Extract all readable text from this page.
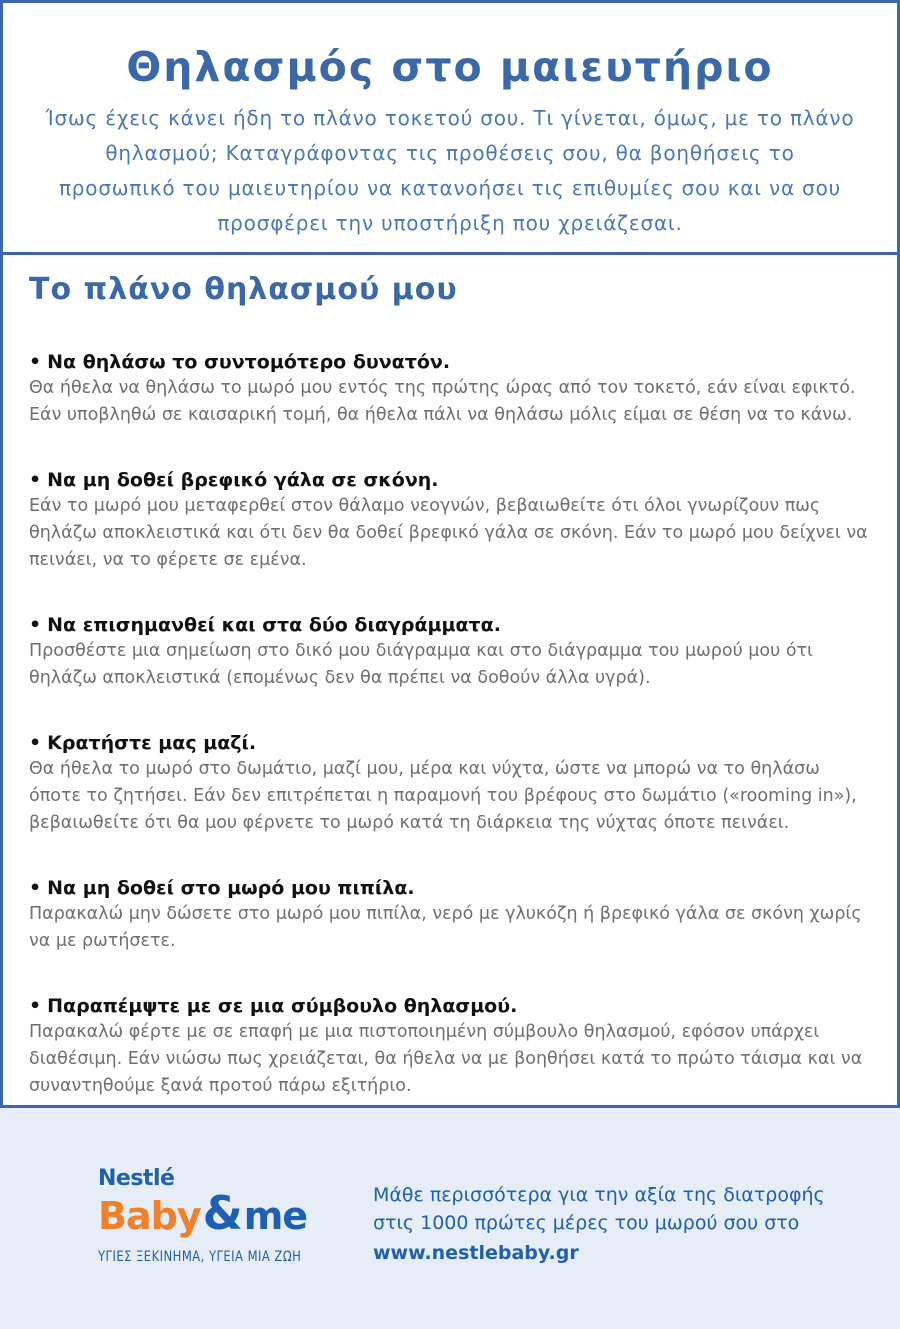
Θηλασμός στο μαιευτήριο

Ίσως έχεις κάνει ήδη το πλάνο τοκετού σου. Τι γίνεται, όμως, με το πλάνο θηλασμού; Καταγράφοντας τις προθέσεις σου, θα βοηθήσεις το προσωπικό του μαιευτηρίου να κατανοήσει τις επιθυμίες σου και να σου προσφέρει την υποστήριξη που χρειάζεσαι.

Το πλάνο θηλασμού μου

• Να θηλάσω το συντομότερο δυνατόν.

Θα ήθελα να θηλάσω το μωρό μου εντός της πρώτης ώρας από τον τοκετό, εάν είναι εφικτό. Εάν υποβληθώ σε καισαρική τομή, θα ήθελα πάλι να θηλάσω μόλις είμαι σε θέση να το κάνω.

• Να μη δοθεί βρεφικό γάλα σε σκόνη.

Εάν το μωρό μου μεταφερθεί στον θάλαμο νεογνών, βεβαιωθείτε ότι όλοι γνωρίζουν πως θηλάζω αποκλειστικά και ότι δεν θα δοθεί βρεφικό γάλα σε σκόνη. Εάν το μωρό μου δείχνει να πεινάει, να το φέρετε σε εμένα.

• Να επισημανθεί και στα δύο διαγράμματα.

Προσθέστε μια σημείωση στο δικό μου διάγραμμα και στο διάγραμμα του μωρού μου ότι θηλάζω αποκλειστικά (επομένως δεν θα πρέπει να δοθούν άλλα υγρά).

• Κρατήστε μας μαζί.

Θα ήθελα το μωρό στο δωμάτιο, μαζί μου, μέρα και νύχτα, ώστε να μπορώ να το θηλάσω όποτε το ζητήσει. Εάν δεν επιτρέπεται η παραμονή του βρέφους στο δωμάτιο («rooming in»), βεβαιωθείτε ότι θα μου φέρνετε το μωρό κατά τη διάρκεια της νύχτας όποτε πεινάει.

• Να μη δοθεί στο μωρό μου πιπίλα.

Παρακαλώ μην δώσετε στο μωρό μου πιπίλα, νερό με γλυκόζη ή βρεφικό γάλα σε σκόνη χωρίς να με ρωτήσετε.

• Παραπέμψτε με σε μια σύμβουλο θηλασμού.

Παρακαλώ φέρτε με σε επαφή με μια πιστοποιημένη σύμβουλο θηλασμού, εφόσον υπάρχει διαθέσιμη. Εάν νιώσω πως χρειάζεται, θα ήθελα να με βοηθήσει κατά το πρώτο τάισμα και να συναντηθούμε ξανά προτού πάρω εξιτήριο.

Nestlé
Baby&me
ΥΓΙΕΣ ΞΕΚΙΝΗΜΑ, ΥΓΕΙΑ ΜΙΑ ΖΩΗ
Μάθε περισσότερα για την αξία της διατροφής στις 1000 πρώτες μέρες του μωρού σου στο
www.nestlebaby.gr
